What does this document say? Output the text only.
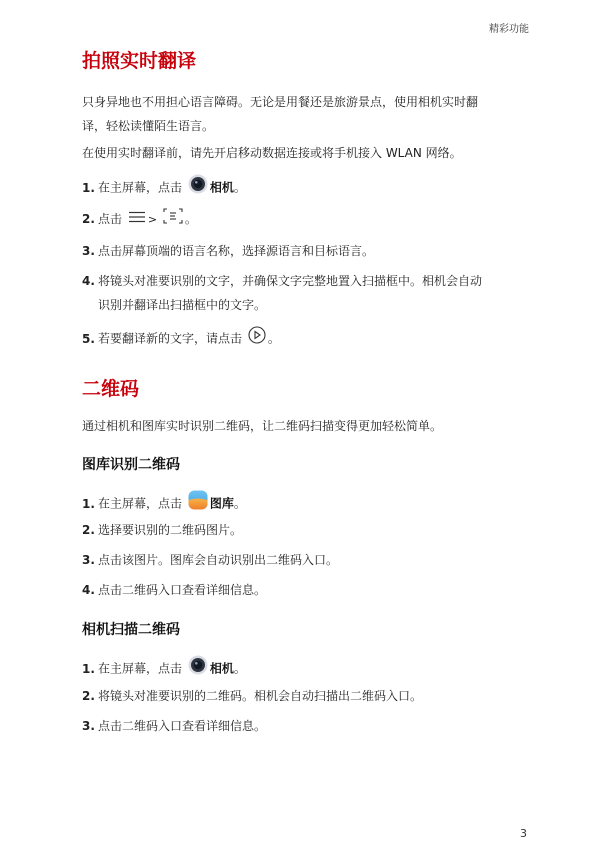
精彩功能
拍照实时翻译
只身异地也不用担心语言障碍。无论是用餐还是旅游景点，使用相机实时翻
译，轻松读懂陌生语言。
在使用实时翻译前，请先开启移动数据连接或将手机接入 WLAN 网络。
1. 在主屏幕，点击 相机。
2. 点击 > 。
3. 点击屏幕顶端的语言名称，选择源语言和目标语言。
4. 将镜头对准要识别的文字，并确保文字完整地置入扫描框中。相机会自动
识别并翻译出扫描框中的文字。
5. 若要翻译新的文字，请点击 。
二维码
通过相机和图库实时识别二维码，让二维码扫描变得更加轻松简单。
图库识别二维码
1. 在主屏幕，点击 图库。
2. 选择要识别的二维码图片。
3. 点击该图片。图库会自动识别出二维码入口。
4. 点击二维码入口查看详细信息。
相机扫描二维码
1. 在主屏幕，点击 相机。
2. 将镜头对准要识别的二维码。相机会自动扫描出二维码入口。
3. 点击二维码入口查看详细信息。
3
